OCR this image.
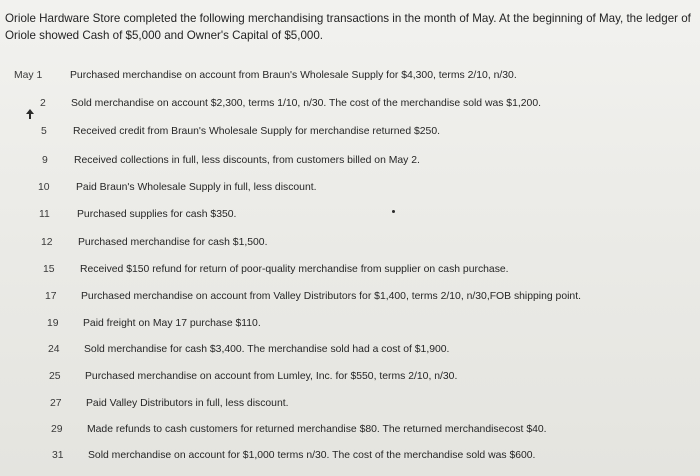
Oriole Hardware Store completed the following merchandising transactions in the month of May. At the beginning of May, the ledger of Oriole showed Cash of $5,000 and Owner's Capital of $5,000.

May 1	Purchased merchandise on account from Braun's Wholesale Supply for $4,300, terms 2/10, n/30.
2 Sold merchandise on account $2,300, terms 1/10, n/30. The cost of the merchandise sold was $1,200.
5	Received credit from Braun's Wholesale Supply for merchandise returned $250.
9	Received collections in full, less discounts, from customers billed on May 2.
10	Paid Braun's Wholesale Supply in full, less discount.
11	Purchased supplies for cash $350.
12 Purchased merchandise for cash $1,500.
15 Received $150 refund for return of poor-quality merchandise from supplier on cash purchase.
17 Purchased merchandise on account from Valley Distributors for $1,400, terms 2/10, n/30,FOB shipping point.
19 Paid freight on May 17 purchase $110.
24 Sold merchandise for cash $3,400. The merchandise sold had a cost of $1,900.
25 Purchased merchandise on account from Lumley, Inc. for $550, terms 2/10, n/30.
27 Paid Valley Distributors in full, less discount.
29 Made refunds to cash customers for returned merchandise $80. The returned merchandisecost $40.
31 Sold merchandise on account for $1,000 terms n/30. The cost of the merchandise sold was $600.
